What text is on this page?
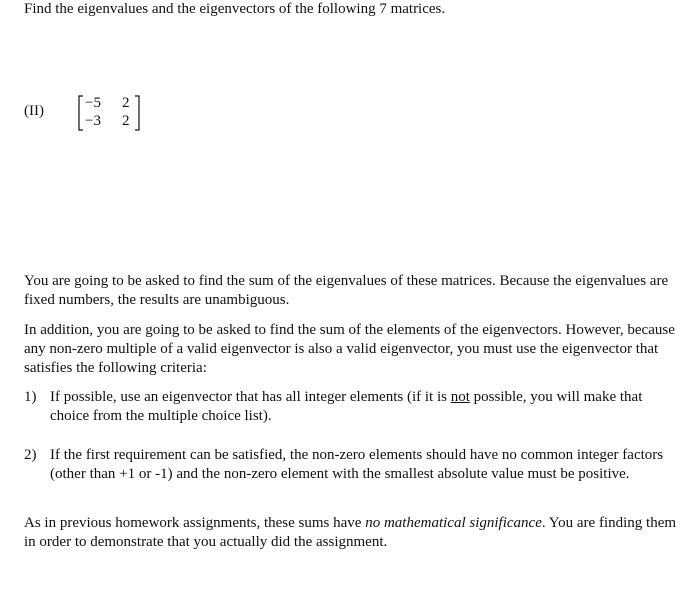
Find the eigenvalues and the eigenvectors of the following 7 matrices.
(II)	−5 2
−3 2
You are going to be asked to find the sum of the eigenvalues of these matrices. Because the eigenvalues are fixed numbers, the results are unambiguous.
In addition, you are going to be asked to find the sum of the elements of the eigenvectors. However, because any non-zero multiple of a valid eigenvector is also a valid eigenvector, you must use the eigenvector that satisfies the following criteria:
1) If possible, use an eigenvector that has all integer elements (if it is not possible, you will make that choice from the multiple choice list).
2) If the first requirement can be satisfied, the non-zero elements should have no common integer factors (other than +1 or -1) and the non-zero element with the smallest absolute value must be positive.
As in previous homework assignments, these sums have no mathematical significance. You are finding them in order to demonstrate that you actually did the assignment.
